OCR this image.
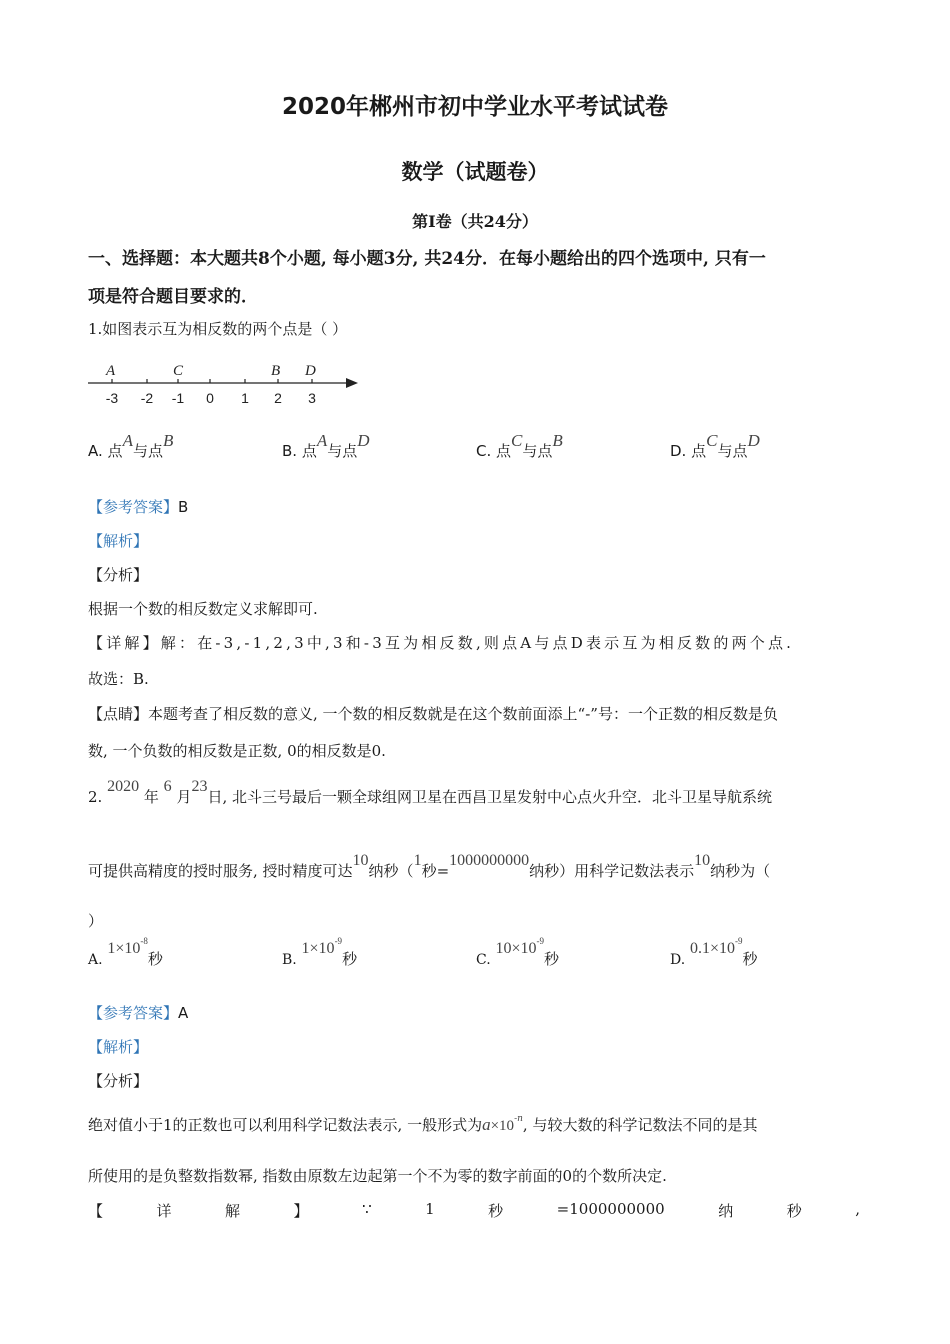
2020年郴州市初中学业水平考试试卷
数学（试题卷）
第Ⅰ卷（共24分）
一、选择题：本大题共8个小题, 每小题3分, 共24分．在每小题给出的四个选项中, 只有一
项是符合题目要求的．
1.如图表示互为相反数的两个点是（ ）
A	C	B D
-3 -2 -1 0 1 2 3
A. 点A与点B
B. 点A与点D
C. 点C与点B
D. 点C与点D
【参考答案】B
【解析】
【分析】
根据一个数的相反数定义求解即可.
【详解】解：在-3,-1,2,3中,3和-3互为相反数,则点A与点D表示互为相反数的两个点.
故选：B.
【点睛】本题考查了相反数的意义, 一个数的相反数就是在这个数前面添上“-”号：一个正数的相反数是负
数, 一个负数的相反数是正数, 0的相反数是0.
2. 2020 年 6 月23日, 北斗三号最后一颗全球组网卫星在西昌卫星发射中心点火升空．北斗卫星导航系统
可提供高精度的授时服务, 授时精度可达10纳秒（1秒=1000000000纳秒）用科学记数法表示10纳秒为（
）
A. $1\times 10^{-8}$秒	B. $1\times 10^{-9}$秒	C. $10\times 10^{-9}$秒	D. $0.1\times 10^{-9}$秒
【参考答案】A
【解析】
【分析】
绝对值小于1的正数也可以利用科学记数法表示, 一般形式为$a\times 10^{-n}$, 与较大数的科学记数法不同的是其
所使用的是负整数指数幂, 指数由原数左边起第一个不为零的数字前面的0的个数所决定.
【	详	解	】	∵	1	秒	=1000000000	纳	秒	,
